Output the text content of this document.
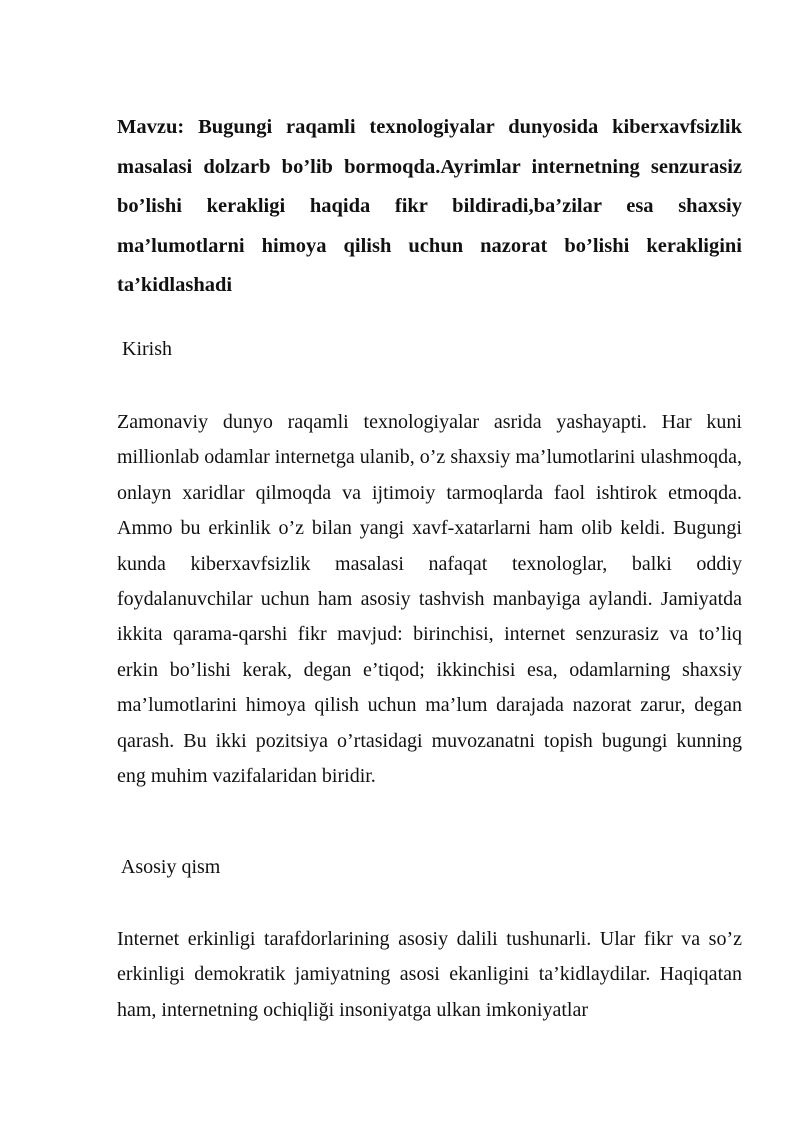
Mavzu: Bugungi raqamli texnologiyalar dunyosida kiberxavfsizlik masalasi dolzarb bo’lib bormoqda.Ayrimlar internetning senzurasiz bo’lishi kerakligi haqida fikr bildiradi,ba’zilar esa shaxsiy ma’lumotlarni himoya qilish uchun nazorat bo’lishi kerakligini ta’kidlashadi

Kirish

Zamonaviy dunyo raqamli texnologiyalar asrida yashayapti. Har kuni millionlab odamlar internetga ulanib, o’z shaxsiy ma’lumotlarini ulashmoqda, onlayn xaridlar qilmoqda va ijtimoiy tarmoqlarda faol ishtirok etmoqda. Ammo bu erkinlik o’z bilan yangi xavf-xatarlarni ham olib keldi. Bugungi kunda kiberxavfsizlik masalasi nafaqat texnologlar, balki oddiy foydalanuvchilar uchun ham asosiy tashvish manbayiga aylandi. Jamiyatda ikkita qarama-qarshi fikr mavjud: birinchisi, internet senzurasiz va to’liq erkin bo’lishi kerak, degan e’tiqod; ikkinchisi esa, odamlarning shaxsiy ma’lumotlarini himoya qilish uchun ma’lum darajada nazorat zarur, degan qarash. Bu ikki pozitsiya o’rtasidagi muvozanatni topish bugungi kunning eng muhim vazifalaridan biridir.

Asosiy qism

Internet erkinligi tarafdorlarining asosiy dalili tushunarli. Ular fikr va so’z erkinligi demokratik jamiyatning asosi ekanligini ta’kidlaydilar. Haqiqatan ham, internetning ochiqliği insoniyatga ulkan imkoniyatlar
